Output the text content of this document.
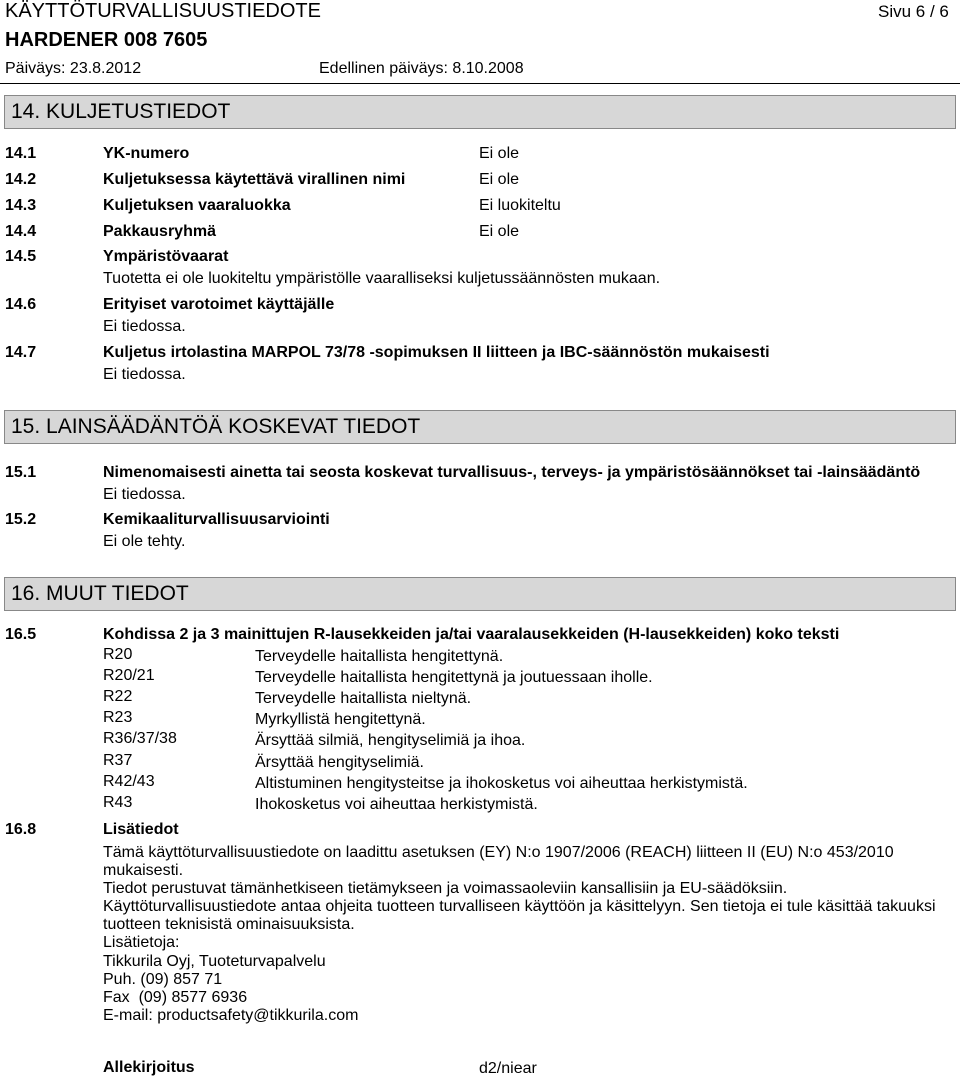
KÄYTTÖTURVALLISUUSTIEDOTE	Sivu 6 / 6
HARDENER 008 7605
Päiväys: 23.8.2012	Edellinen päiväys: 8.10.2008
14. KULJETUSTIEDOT
14.1	YK-numero	Ei ole
14.2	Kuljetuksessa käytettävä virallinen nimi	Ei ole
14.3	Kuljetuksen vaaraluokka	Ei luokiteltu
14.4	Pakkausryhmä	Ei ole
14.5	Ympäristövaarat
Tuotetta ei ole luokiteltu ympäristölle vaaralliseksi kuljetussäännösten mukaan.
14.6	Erityiset varotoimet käyttäjälle
Ei tiedossa.
14.7	Kuljetus irtolastina MARPOL 73/78 -sopimuksen II liitteen ja IBC-säännöstön mukaisesti
Ei tiedossa.
15. LAINSÄÄDÄNTÖÄ KOSKEVAT TIEDOT
15.1	Nimenomaisesti ainetta tai seosta koskevat turvallisuus-, terveys- ja ympäristösäännökset tai -lainsäädäntö
Ei tiedossa.
15.2	Kemikaaliturvallisuusarviointi
Ei ole tehty.
16. MUUT TIEDOT
16.5	Kohdissa 2 ja 3 mainittujen R-lausekkeiden ja/tai vaaralausekkeiden (H-lausekkeiden) koko teksti
R20	Terveydelle haitallista hengitettynä.
R20/21	Terveydelle haitallista hengitettynä ja joutuessaan iholle.
R22	Terveydelle haitallista nieltynä.
R23	Myrkyllistä hengitettynä.
R36/37/38	Ärsyttää silmiä, hengityselimiä ja ihoa.
R37	Ärsyttää hengityselimiä.
R42/43	Altistuminen hengitysteitse ja ihokosketus voi aiheuttaa herkistymistä.
R43	Ihokosketus voi aiheuttaa herkistymistä.
16.8	Lisätiedot

Tämä käyttöturvallisuustiedote on laadittu asetuksen (EY) N:o 1907/2006 (REACH) liitteen II (EU) N:o 453/2010 mukaisesti.

Tiedot perustuvat tämänhetkiseen tietämykseen ja voimassaoleviin kansallisiin ja EU-säädöksiin.

Käyttöturvallisuustiedote antaa ohjeita tuotteen turvalliseen käyttöön ja käsittelyyn. Sen tietoja ei tule käsittää takuuksi tuotteen teknisistä ominaisuuksista.

Lisätietoja:

Tikkurila Oyj, Tuoteturvapalvelu

Puh. (09) 857 71

Fax  (09) 8577 6936

E-mail: productsafety@tikkurila.com

Allekirjoitus	d2/niear
